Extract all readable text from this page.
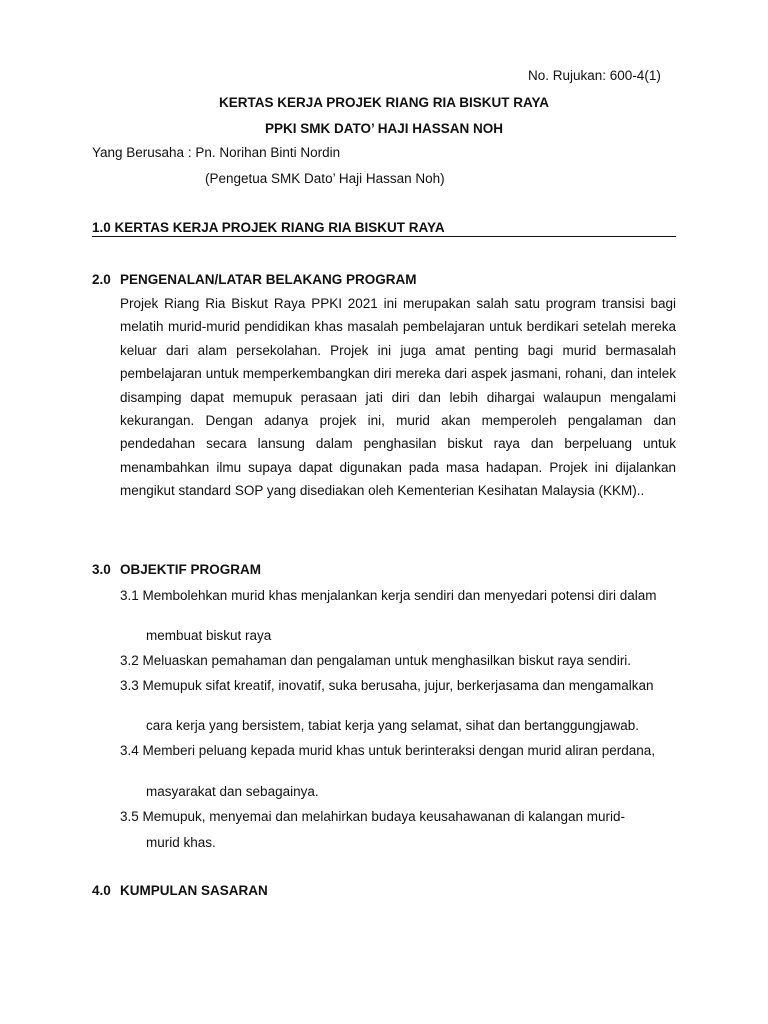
No. Rujukan: 600-4(1)
KERTAS KERJA PROJEK RIANG RIA BISKUT RAYA
PPKI SMK DATO’ HAJI HASSAN NOH
Yang Berusaha : Pn. Norihan Binti Nordin
(Pengetua SMK Dato’ Haji Hassan Noh)
1.0 KERTAS KERJA PROJEK RIANG RIA BISKUT RAYA
2.0 PENGENALAN/LATAR BELAKANG PROGRAM
Projek Riang Ria Biskut Raya PPKI 2021 ini merupakan salah satu program transisi bagi melatih murid-murid pendidikan khas masalah pembelajaran untuk berdikari setelah mereka keluar dari alam persekolahan. Projek ini juga amat penting bagi murid bermasalah pembelajaran untuk memperkembangkan diri mereka dari aspek jasmani, rohani, dan intelek disamping dapat memupuk perasaan jati diri dan lebih dihargai walaupun mengalami kekurangan. Dengan adanya projek ini, murid akan memperoleh pengalaman dan pendedahan secara lansung dalam penghasilan biskut raya dan berpeluang untuk menambahkan ilmu supaya dapat digunakan pada masa hadapan. Projek ini dijalankan mengikut standard SOP yang disediakan oleh Kementerian Kesihatan Malaysia (KKM)..
3.0 OBJEKTIF PROGRAM
3.1 Membolehkan murid khas menjalankan kerja sendiri dan menyedari potensi diri dalam
membuat biskut raya
3.2 Meluaskan pemahaman dan pengalaman untuk menghasilkan biskut raya sendiri.
3.3 Memupuk sifat kreatif, inovatif, suka berusaha, jujur, berkerjasama dan mengamalkan
cara kerja yang bersistem, tabiat kerja yang selamat, sihat dan bertanggungjawab.
3.4 Memberi peluang kepada murid khas untuk berinteraksi dengan murid aliran perdana,
masyarakat dan sebagainya.
3.5 Memupuk, menyemai dan melahirkan budaya keusahawanan di kalangan murid-
murid khas.
4.0 KUMPULAN SASARAN
